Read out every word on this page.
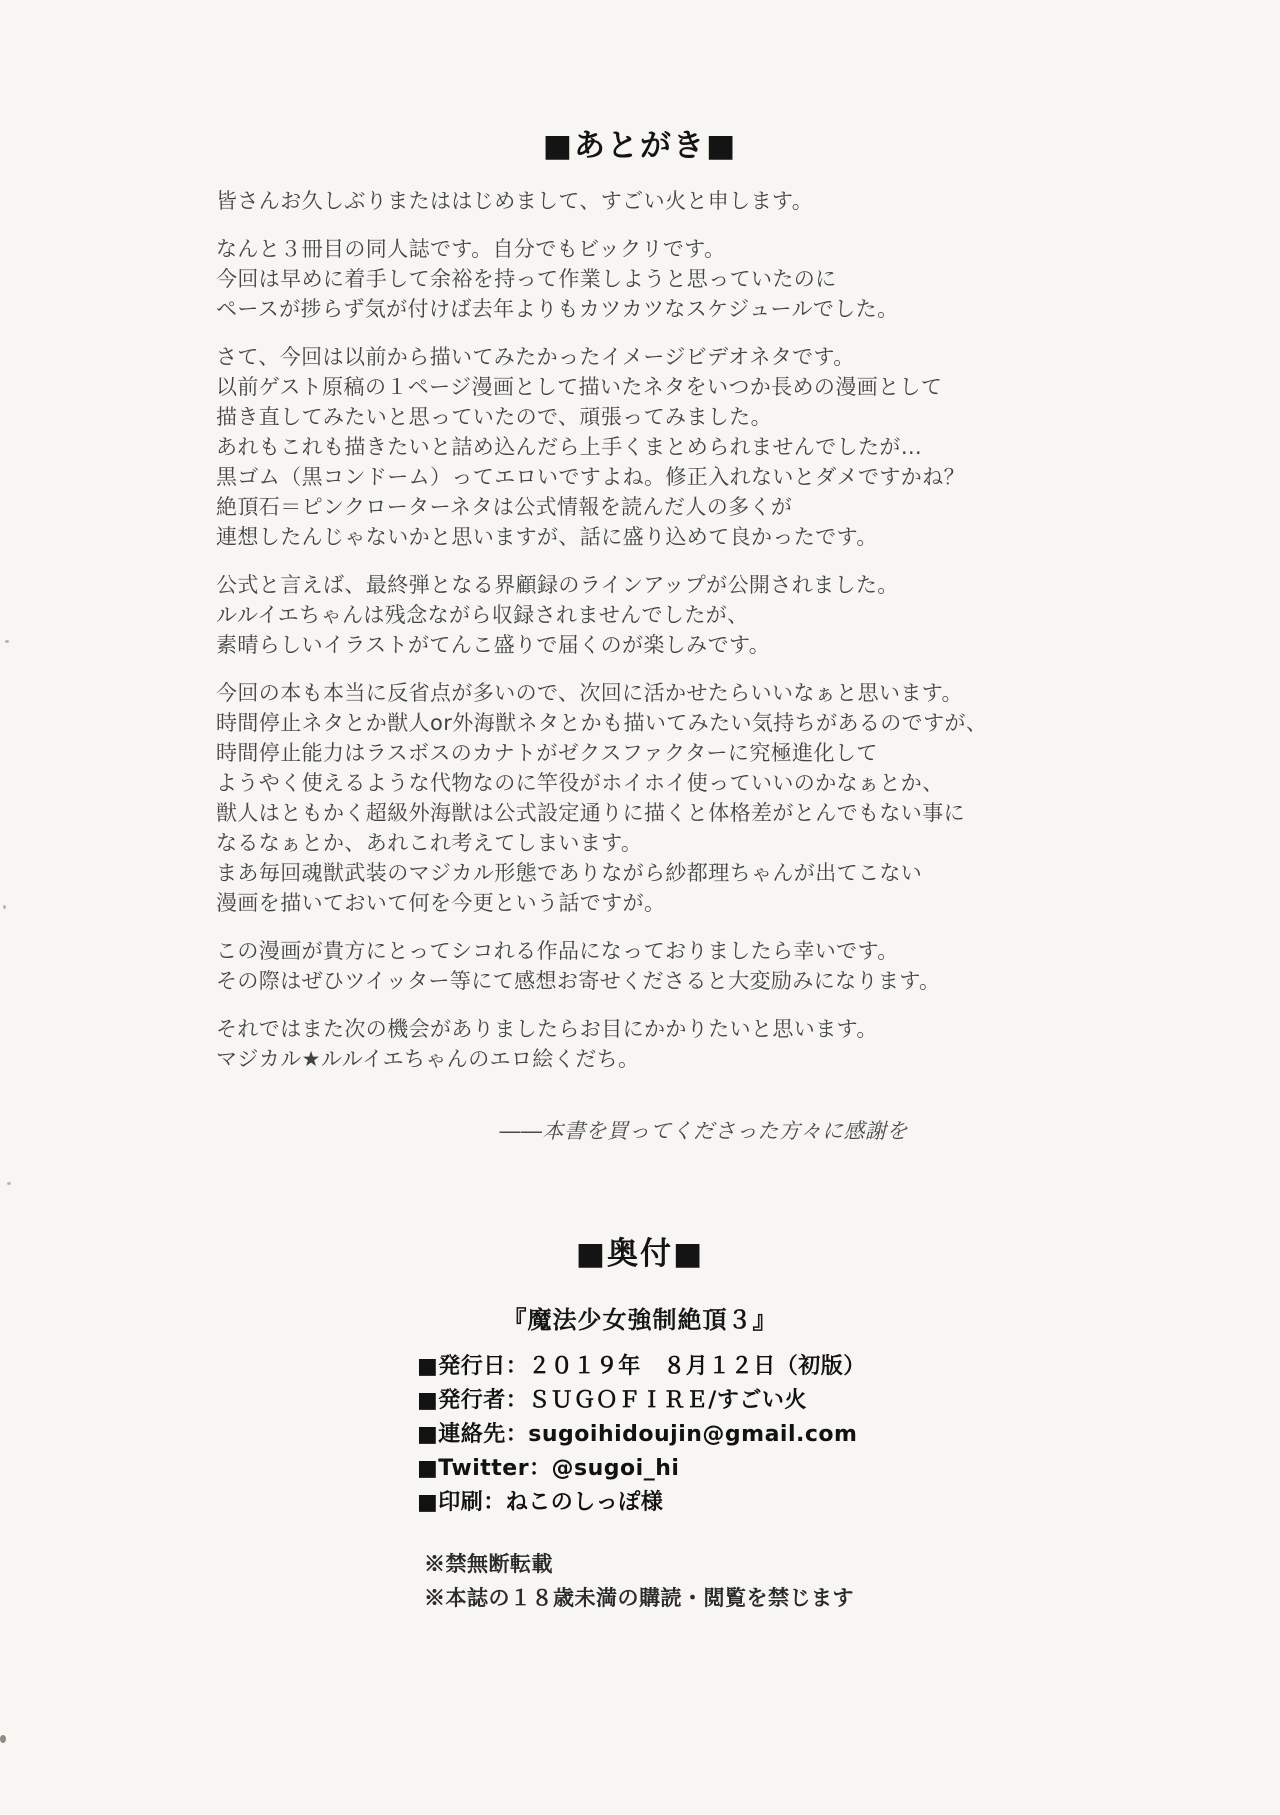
■あとがき■
皆さんお久しぶりまたははじめまして、すごい火と申します。
なんと３冊目の同人誌です。自分でもビックリです。
今回は早めに着手して余裕を持って作業しようと思っていたのに
ペースが捗らず気が付けば去年よりもカツカツなスケジュールでした。
さて、今回は以前から描いてみたかったイメージビデオネタです。
以前ゲスト原稿の１ページ漫画として描いたネタをいつか長めの漫画として
描き直してみたいと思っていたので、頑張ってみました。
あれもこれも描きたいと詰め込んだら上手くまとめられませんでしたが…
黒ゴム（黒コンドーム）ってエロいですよね。修正入れないとダメですかね？
絶頂石＝ピンクローターネタは公式情報を読んだ人の多くが
連想したんじゃないかと思いますが、話に盛り込めて良かったです。
公式と言えば、最終弾となる界顧録のラインアップが公開されました。
ルルイエちゃんは残念ながら収録されませんでしたが、
素晴らしいイラストがてんこ盛りで届くのが楽しみです。
今回の本も本当に反省点が多いので、次回に活かせたらいいなぁと思います。
時間停止ネタとか獣人or外海獣ネタとかも描いてみたい気持ちがあるのですが、
時間停止能力はラスボスのカナトがゼクスファクターに究極進化して
ようやく使えるような代物なのに竿役がホイホイ使っていいのかなぁとか、
獣人はともかく超級外海獣は公式設定通りに描くと体格差がとんでもない事に
なるなぁとか、あれこれ考えてしまいます。
まあ毎回魂獣武装のマジカル形態でありながら紗都理ちゃんが出てこない
漫画を描いておいて何を今更という話ですが。
この漫画が貴方にとってシコれる作品になっておりましたら幸いです。
その際はぜひツイッター等にて感想お寄せくださると大変励みになります。
それではまた次の機会がありましたらお目にかかりたいと思います。
マジカル★ルルイエちゃんのエロ絵くだち。
――本書を買ってくださった方々に感謝を
■奥付■
『魔法少女強制絶頂３』
■発行日：２０１９年　８月１２日（初版）
■発行者：ＳＵＧＯＦＩＲＥ/すごい火
■連絡先：sugoihidoujin@gmail.com
■Twitter：@sugoi_hi
■印刷：ねこのしっぽ様
※禁無断転載
※本誌の１８歳未満の購読・閲覧を禁じます
